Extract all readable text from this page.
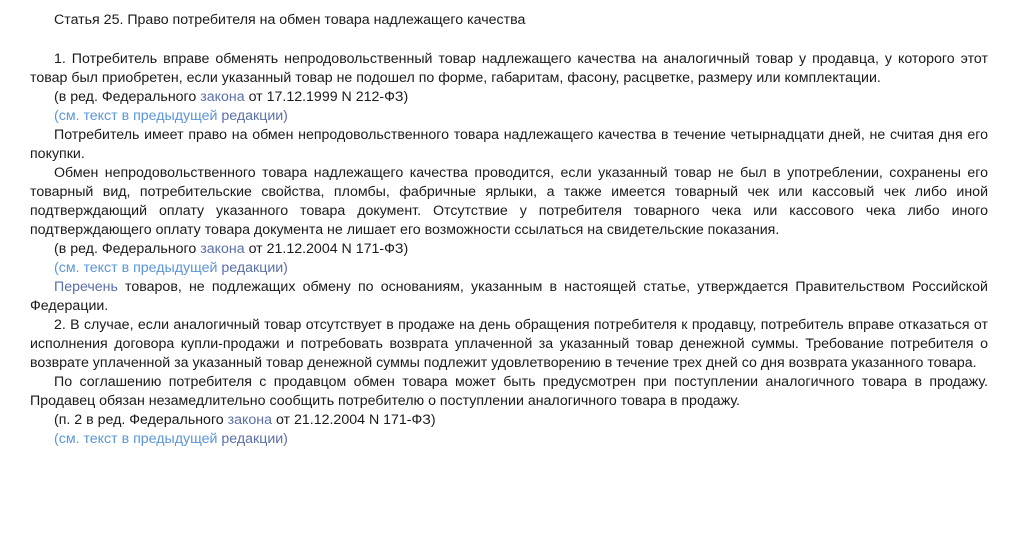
Статья 25. Право потребителя на обмен товара надлежащего качества

1. Потребитель вправе обменять непродовольственный товар надлежащего качества на аналогичный товар у продавца, у которого этот товар был приобретен, если указанный товар не подошел по форме, габаритам, фасону, расцветке, размеру или комплектации.

(в ред. Федерального закона от 17.12.1999 N 212-ФЗ)
(см. текст в предыдущей редакции)

Потребитель имеет право на обмен непродовольственного товара надлежащего качества в течение четырнадцати дней, не считая дня его покупки.

Обмен непродовольственного товара надлежащего качества проводится, если указанный товар не был в употреблении, сохранены его товарный вид, потребительские свойства, пломбы, фабричные ярлыки, а также имеется товарный чек или кассовый чек либо иной подтверждающий оплату указанного товара документ. Отсутствие у потребителя товарного чека или кассового чека либо иного подтверждающего оплату товара документа не лишает его возможности ссылаться на свидетельские показания.

(в ред. Федерального закона от 21.12.2004 N 171-ФЗ)
(см. текст в предыдущей редакции)

Перечень товаров, не подлежащих обмену по основаниям, указанным в настоящей статье, утверждается Правительством Российской Федерации.

2. В случае, если аналогичный товар отсутствует в продаже на день обращения потребителя к продавцу, потребитель вправе отказаться от исполнения договора купли-продажи и потребовать возврата уплаченной за указанный товар денежной суммы. Требование потребителя о возврате уплаченной за указанный товар денежной суммы подлежит удовлетворению в течение трех дней со дня возврата указанного товара.

По соглашению потребителя с продавцом обмен товара может быть предусмотрен при поступлении аналогичного товара в продажу. Продавец обязан незамедлительно сообщить потребителю о поступлении аналогичного товара в продажу.

(п. 2 в ред. Федерального закона от 21.12.2004 N 171-ФЗ)
(см. текст в предыдущей редакции)
